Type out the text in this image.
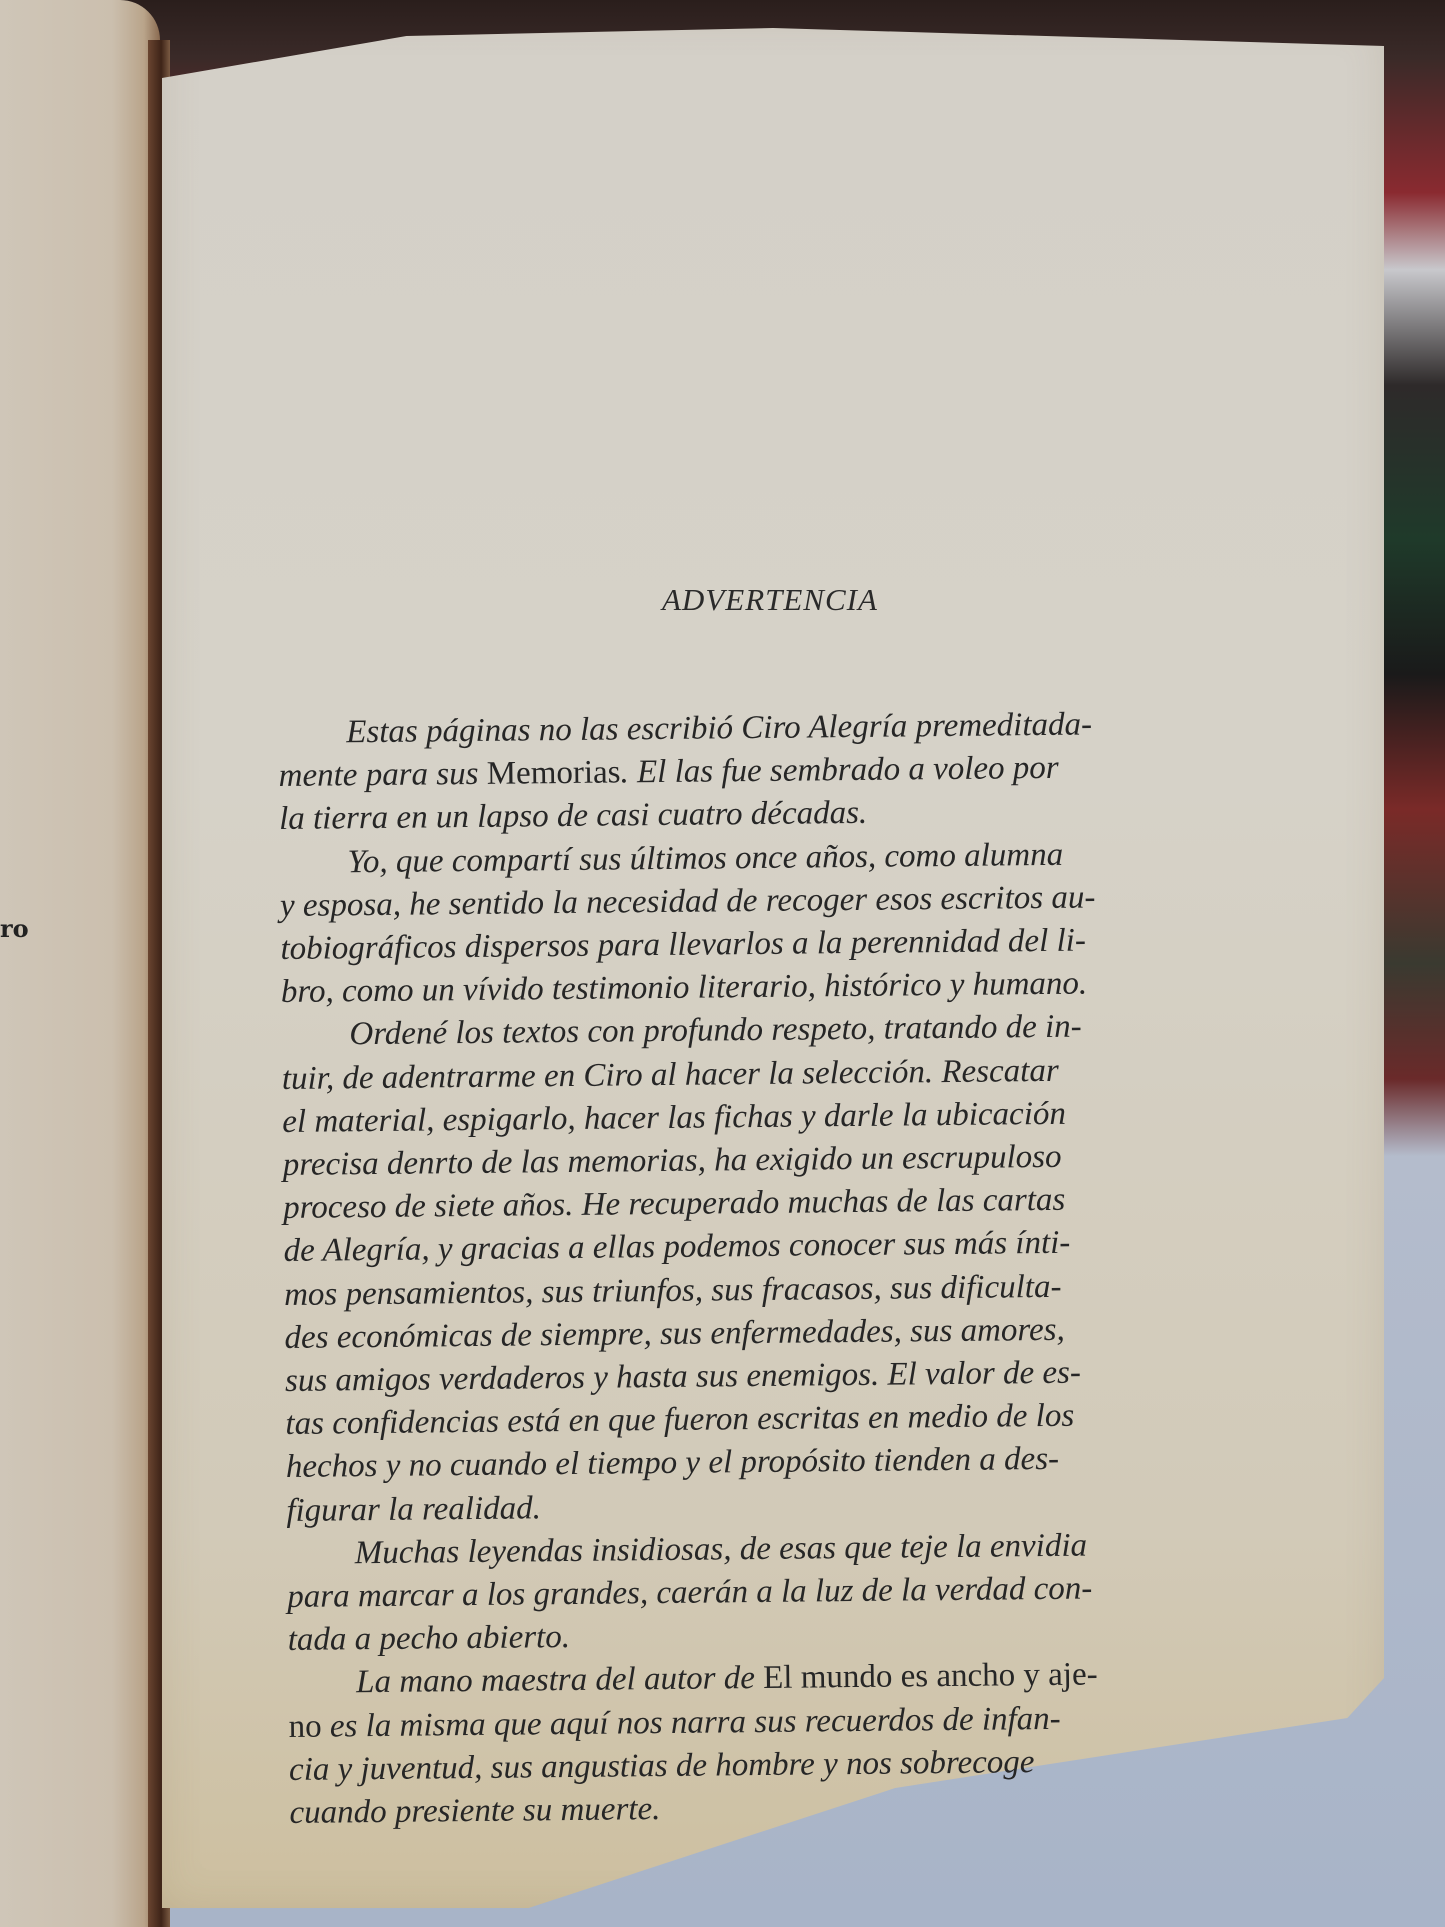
ro
ADVERTENCIA

Estas páginas no las escribió Ciro Alegría premeditada-
mente para sus Memorias. El las fue sembrado a voleo por
la tierra en un lapso de casi cuatro décadas.

Yo, que compartí sus últimos once años, como alumna
y esposa, he sentido la necesidad de recoger esos escritos au-
tobiográficos dispersos para llevarlos a la perennidad del li-
bro, como un vívido testimonio literario, histórico y humano.

Ordené los textos con profundo respeto, tratando de in-
tuir, de adentrarme en Ciro al hacer la selección. Rescatar
el material, espigarlo, hacer las fichas y darle la ubicación
precisa denrto de las memorias, ha exigido un escrupuloso
proceso de siete años. He recuperado muchas de las cartas
de Alegría, y gracias a ellas podemos conocer sus más ínti-
mos pensamientos, sus triunfos, sus fracasos, sus dificulta-
des económicas de siempre, sus enfermedades, sus amores,
sus amigos verdaderos y hasta sus enemigos. El valor de es-
tas confidencias está en que fueron escritas en medio de los
hechos y no cuando el tiempo y el propósito tienden a des-
figurar la realidad.

Muchas leyendas insidiosas, de esas que teje la envidia
para marcar a los grandes, caerán a la luz de la verdad con-
tada a pecho abierto.

La mano maestra del autor de El mundo es ancho y aje-
no es la misma que aquí nos narra sus recuerdos de infan-
cia y juventud, sus angustias de hombre y nos sobrecoge
cuando presiente su muerte.
